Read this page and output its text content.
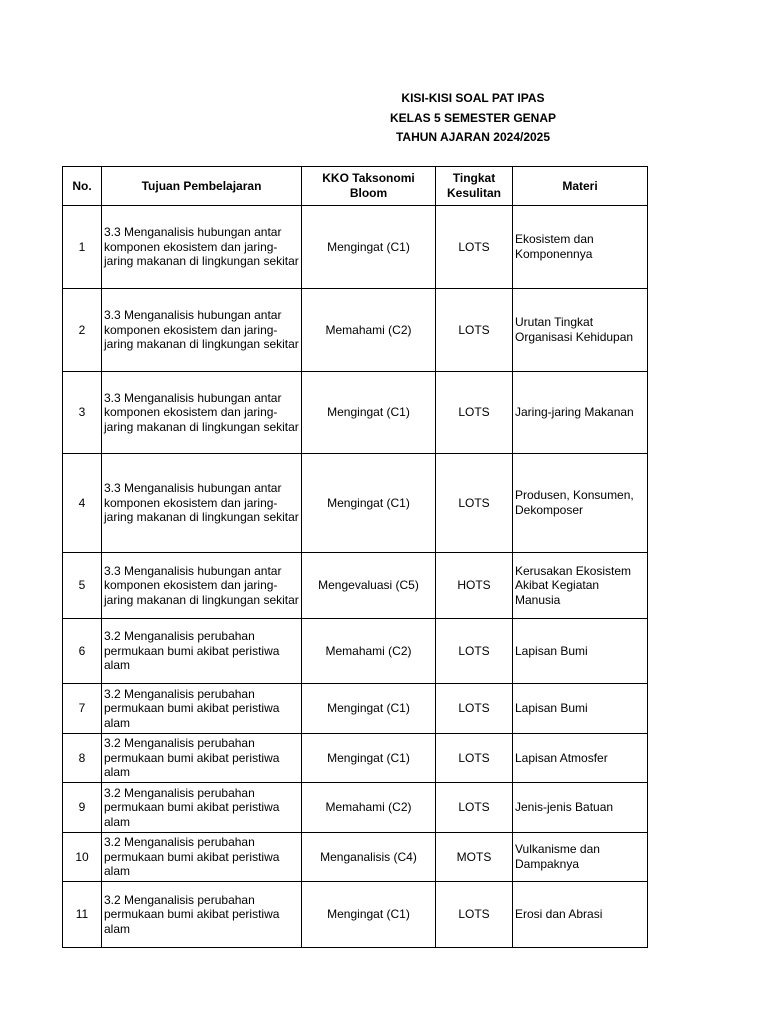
KISI-KISI SOAL PAT IPAS
KELAS 5 SEMESTER GENAP
TAHUN AJARAN 2024/2025
No.	Tujuan Pembelajaran	KKO Taksonomi Bloom	Tingkat Kesulitan	Materi
1	3.3 Menganalisis hubungan antar komponen ekosistem dan jaring-jaring makanan di lingkungan sekitar	Mengingat (C1)	LOTS	Ekosistem dan Komponennya
2	3.3 Menganalisis hubungan antar komponen ekosistem dan jaring-jaring makanan di lingkungan sekitar	Memahami (C2)	LOTS	Urutan Tingkat Organisasi Kehidupan
3	3.3 Menganalisis hubungan antar komponen ekosistem dan jaring-jaring makanan di lingkungan sekitar	Mengingat (C1)	LOTS	Jaring-jaring Makanan
4	3.3 Menganalisis hubungan antar komponen ekosistem dan jaring-jaring makanan di lingkungan sekitar	Mengingat (C1)	LOTS	Produsen, Konsumen, Dekomposer
5	3.3 Menganalisis hubungan antar komponen ekosistem dan jaring-jaring makanan di lingkungan sekitar	Mengevaluasi (C5)	HOTS	Kerusakan Ekosistem Akibat Kegiatan Manusia
6	3.2 Menganalisis perubahan permukaan bumi akibat peristiwa alam	Memahami (C2)	LOTS	Lapisan Bumi
7	3.2 Menganalisis perubahan permukaan bumi akibat peristiwa alam	Mengingat (C1)	LOTS	Lapisan Bumi
8	3.2 Menganalisis perubahan permukaan bumi akibat peristiwa alam	Mengingat (C1)	LOTS	Lapisan Atmosfer
9	3.2 Menganalisis perubahan permukaan bumi akibat peristiwa alam	Memahami (C2)	LOTS	Jenis-jenis Batuan
10	3.2 Menganalisis perubahan permukaan bumi akibat peristiwa alam	Menganalisis (C4)	MOTS	Vulkanisme dan Dampaknya
11	3.2 Menganalisis perubahan permukaan bumi akibat peristiwa alam	Mengingat (C1)	LOTS	Erosi dan Abrasi
